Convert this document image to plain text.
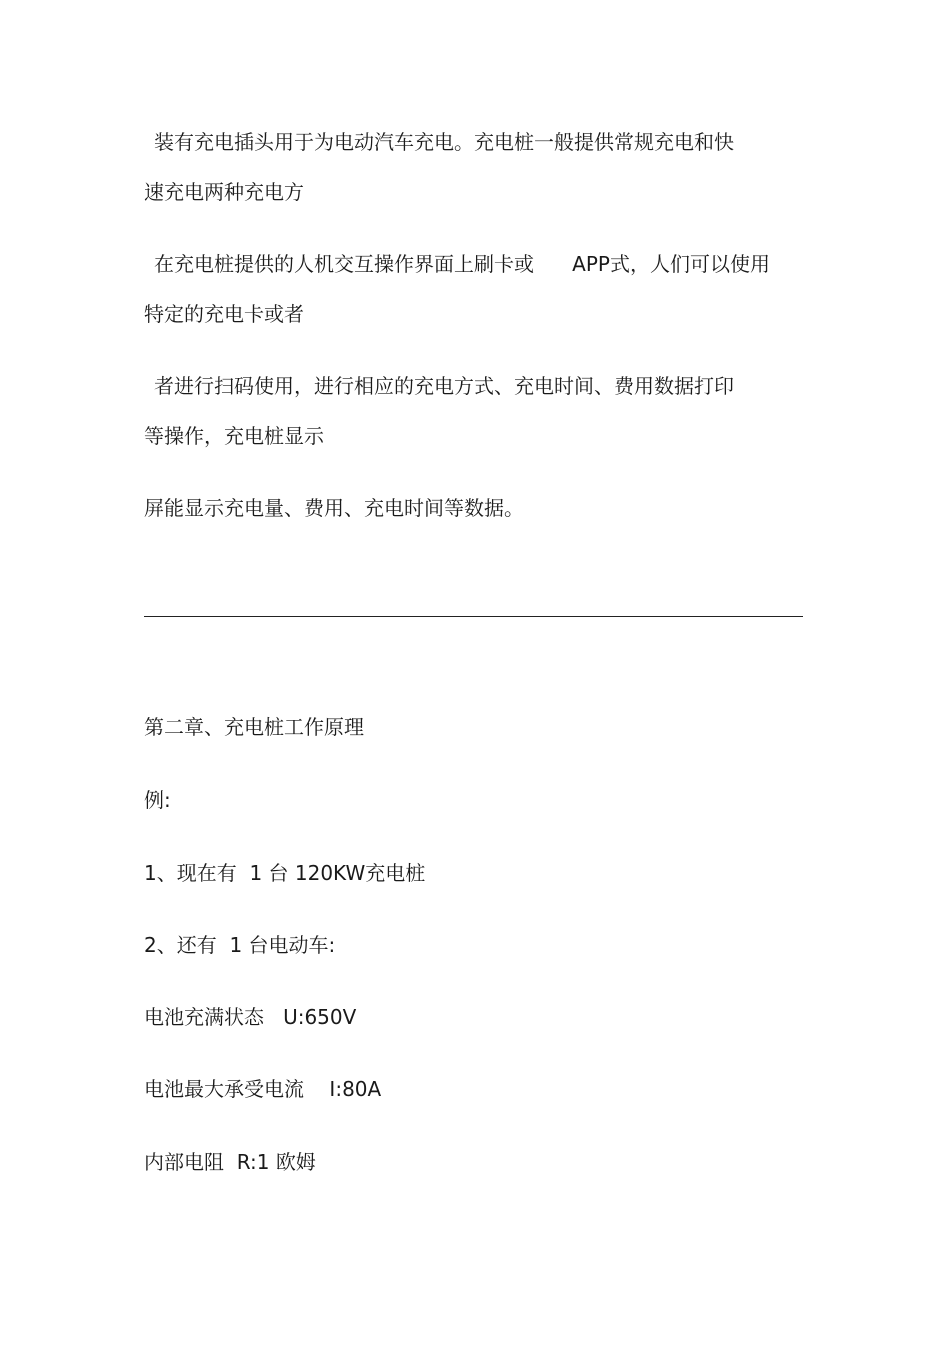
装有充电插头用于为电动汽车充电。充电桩一般提供常规充电和快

速充电两种充电方

在充电桩提供的人机交互操作界面上刷卡或      APP式，人们可以使用

特定的充电卡或者

者进行扫码使用，进行相应的充电方式、充电时间、费用数据打印

等操作，充电桩显示

屏能显示充电量、费用、充电时间等数据。

第二章、充电桩工作原理

例:

1、现在有  1 台 120KW充电桩

2、还有  1 台电动车:

电池充满状态   U:650V

电池最大承受电流    I:80A

内部电阻  R:1 欧姆
